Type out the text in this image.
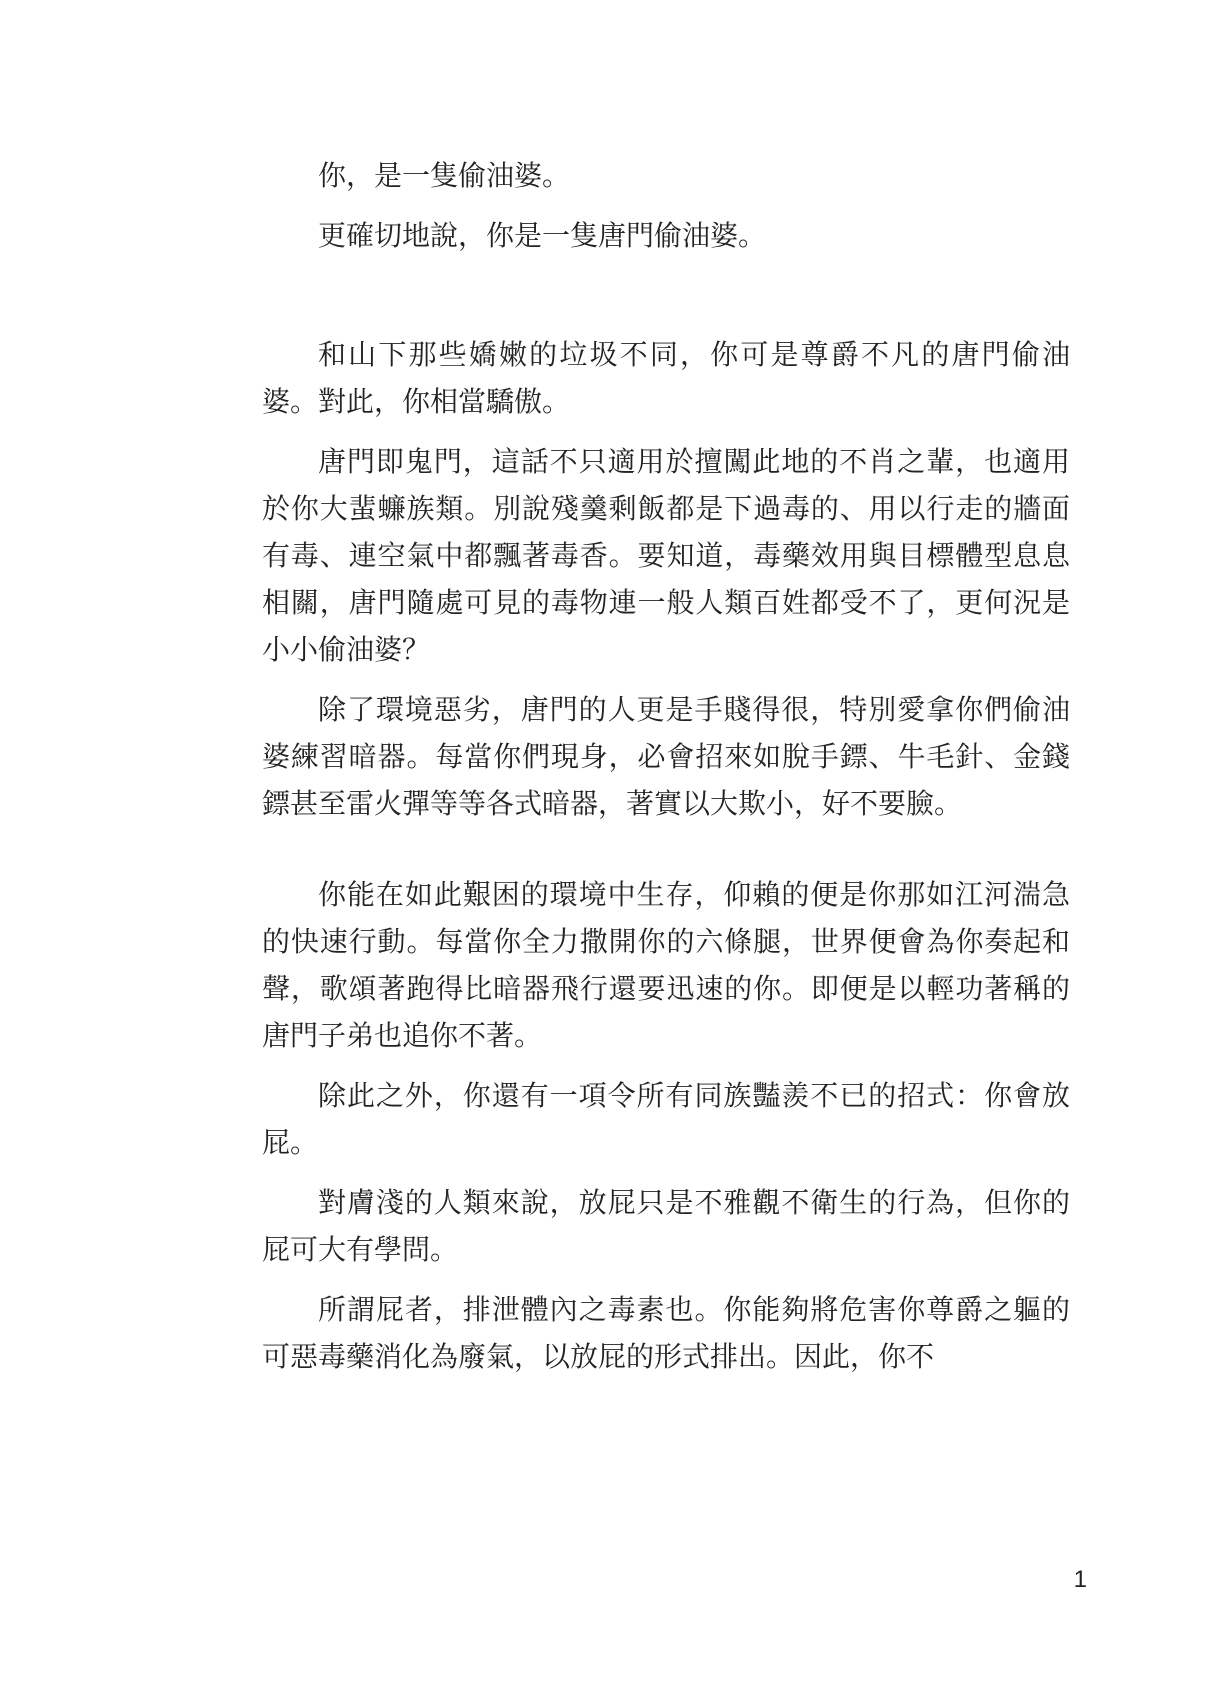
你，是一隻偷油婆。

更確切地說，你是一隻唐門偷油婆。

和山下那些嬌嫩的垃圾不同，你可是尊爵不凡的唐門偷油婆。對此，你相當驕傲。

唐門即鬼門，這話不只適用於擅闖此地的不肖之輩，也適用於你大蜚蠊族類。別說殘羹剩飯都是下過毒的、用以行走的牆面有毒、連空氣中都飄著毒香。要知道，毒藥效用與目標體型息息相關，唐門隨處可見的毒物連一般人類百姓都受不了，更何況是小小偷油婆？

除了環境惡劣，唐門的人更是手賤得很，特別愛拿你們偷油婆練習暗器。每當你們現身，必會招來如脫手鏢、牛毛針、金錢鏢甚至雷火彈等等各式暗器，著實以大欺小，好不要臉。

你能在如此艱困的環境中生存，仰賴的便是你那如江河湍急的快速行動。每當你全力撒開你的六條腿，世界便會為你奏起和聲，歌頌著跑得比暗器飛行還要迅速的你。即便是以輕功著稱的唐門子弟也追你不著。

除此之外，你還有一項令所有同族豔羨不已的招式：你會放屁。

對膚淺的人類來說，放屁只是不雅觀不衛生的行為，但你的屁可大有學問。

所謂屁者，排泄體內之毒素也。你能夠將危害你尊爵之軀的可惡毒藥消化為廢氣，以放屁的形式排出。因此，你不

1
